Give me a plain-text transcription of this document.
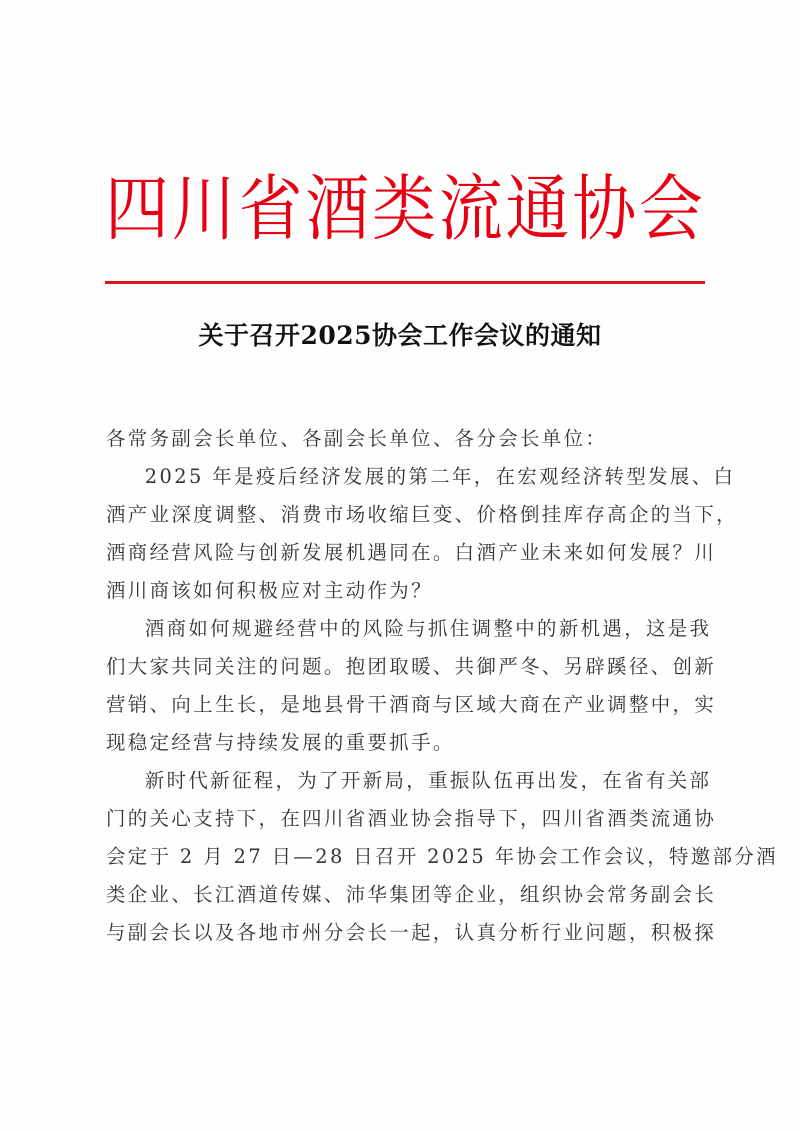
四 川 省 酒 类 流 通 协 会
关于召开2025协会工作会议的通知

各常务副会长单位、各副会长单位、各分会长单位：

2025 年是疫后经济发展的第二年，在宏观经济转型发展、白

酒产业深度调整、消费市场收缩巨变、价格倒挂库存高企的当下，

酒商经营风险与创新发展机遇同在。白酒产业未来如何发展？川

酒川商该如何积极应对主动作为？

酒商如何规避经营中的风险与抓住调整中的新机遇，这是我

们大家共同关注的问题。抱团取暖、共御严冬、另辟蹊径、创新

营销、向上生长，是地县骨干酒商与区域大商在产业调整中，实

现稳定经营与持续发展的重要抓手。

新时代新征程，为了开新局，重振队伍再出发，在省有关部

门的关心支持下，在四川省酒业协会指导下，四川省酒类流通协

会定于 2 月 27 日—28 日召开 2025 年协会工作会议，特邀部分酒

类企业、长江酒道传媒、沛华集团等企业，组织协会常务副会长

与副会长以及各地市州分会长一起，认真分析行业问题，积极探
